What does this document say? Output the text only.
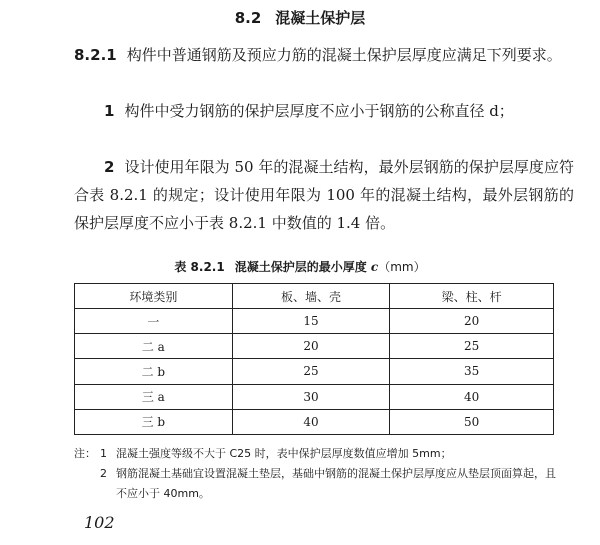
8.2 混凝土保护层
8.2.1 构件中普通钢筋及预应力筋的混凝土保护层厚度应满足下列要求。
1 构件中受力钢筋的保护层厚度不应小于钢筋的公称直径 d；
2 设计使用年限为 50 年的混凝土结构，最外层钢筋的保护层厚度应符合表 8.2.1 的规定；设计使用年限为 100 年的混凝土结构，最外层钢筋的保护层厚度不应小于表 8.2.1 中数值的 1.4 倍。
表 8.2.1 混凝土保护层的最小厚度 c（mm）
环境类别	板、墙、壳	梁、柱、杆
一	15	20
二 a	20	25
二 b	25	35
三 a	30	40
三 b	40	50
注： 1 混凝土强度等级不大于 C25 时，表中保护层厚度数值应增加 5mm；
2 钢筋混凝土基础宜设置混凝土垫层，基础中钢筋的混凝土保护层厚度应从垫层顶面算起，且不应小于 40mm。
102
